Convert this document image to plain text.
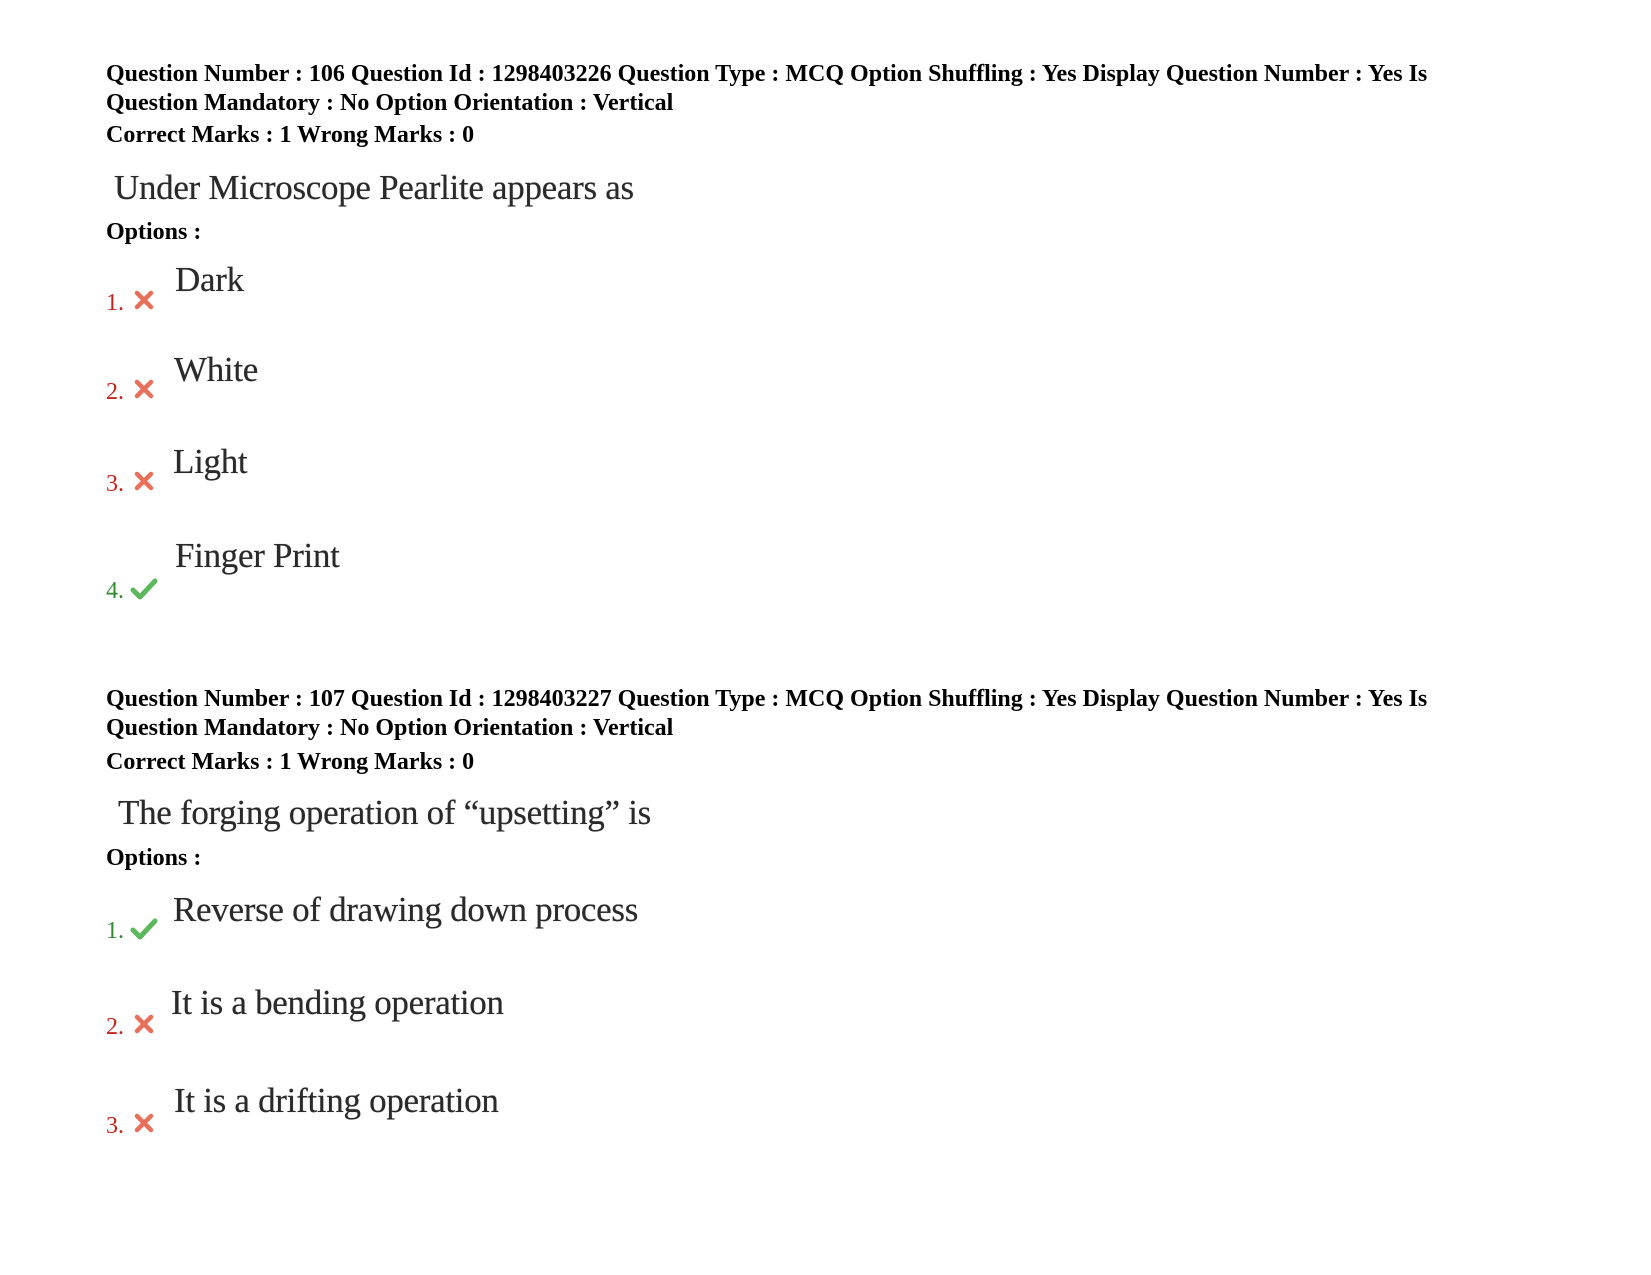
Question Number : 106 Question Id : 1298403226 Question Type : MCQ Option Shuffling : Yes Display Question Number : Yes Is
Question Mandatory : No Option Orientation : Vertical
Correct Marks : 1 Wrong Marks : 0
Under Microscope Pearlite appears as
Options :
1.
Dark
2.
White
3.
Light
4.
Finger Print
Question Number : 107 Question Id : 1298403227 Question Type : MCQ Option Shuffling : Yes Display Question Number : Yes Is
Question Mandatory : No Option Orientation : Vertical
Correct Marks : 1 Wrong Marks : 0
The forging operation of “upsetting” is
Options :
1.
Reverse of drawing down process
2.
It is a bending operation
3.
It is a drifting operation
